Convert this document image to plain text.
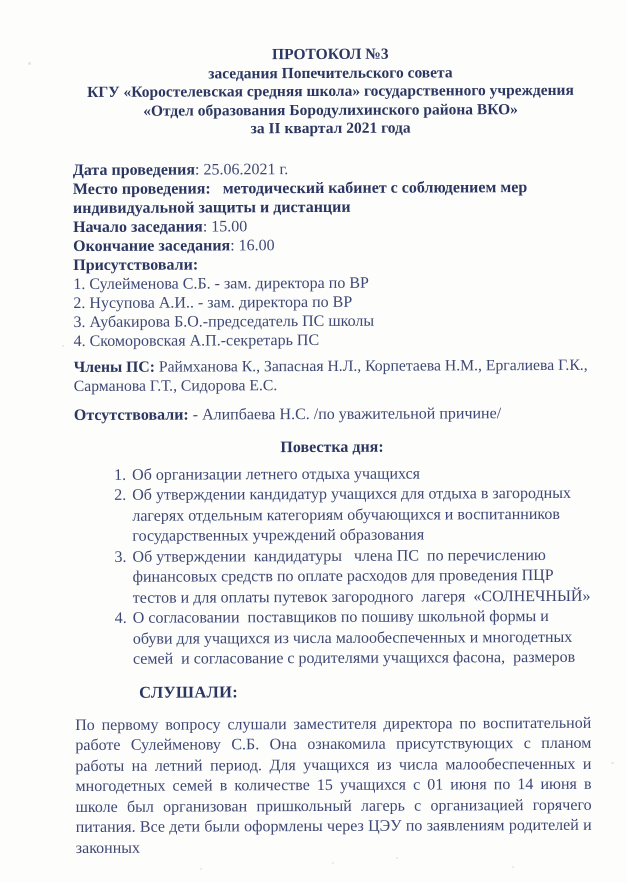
ПРОТОКОЛ №3
заседания Попечительского совета
КГУ «Коростелевская средняя школа» государственного учреждения
«Отдел образования Бородулихинского района ВКО»
за II квартал 2021 года

Дата проведения: 25.06.2021 г.

Место проведения:   методический кабинет с соблюдением мер индивидуальной защиты и дистанции

Начало заседания: 15.00

Окончание заседания: 16.00

Присутствовали:

1. Сулейменова С.Б. - зам. директора по ВР

2. Нусупова А.И.. - зам. директора по ВР

3. Аубакирова Б.О.-председатель ПС школы

4. Скоморовская А.П.-секретарь ПС

Члены ПС: Раймханова К., Запасная Н.Л., Корпетаева Н.М., Ергалиева Г.К., Сарманова Г.Т., Сидорова Е.С.

Отсутствовали: - Алипбаева Н.С. /по уважительной причине/

Повестка дня:

1. Об организации летнего отдыха учащихся
2. Об утверждении кандидатур учащихся для отдыха в загородных лагерях отдельным категориям обучающихся и воспитанников государственных учреждений образования
3. Об утверждении  кандидатуры   члена ПС  по перечислению финансовых средств по оплате расходов для проведения ПЦР тестов и для оплаты путевок загородного  лагеря  «СОЛНЕЧНЫЙ»
4. О согласовании  поставщиков по пошиву школьной формы и обуви для учащихся из числа малообеспеченных и многодетных семей  и согласование с родителями учащихся фасона,  размеров

СЛУШАЛИ:

По первому вопросу слушали заместителя директора по воспитательной работе Сулейменову С.Б. Она ознакомила присутствующих с планом работы на летний период. Для учащихся из числа малообеспеченных и многодетных семей в количестве 15 учащихся с 01 июня по 14 июня в школе был организован пришкольный лагерь с организацией горячего питания. Все дети были оформлены через ЦЭУ по заявлениям родителей и законных
